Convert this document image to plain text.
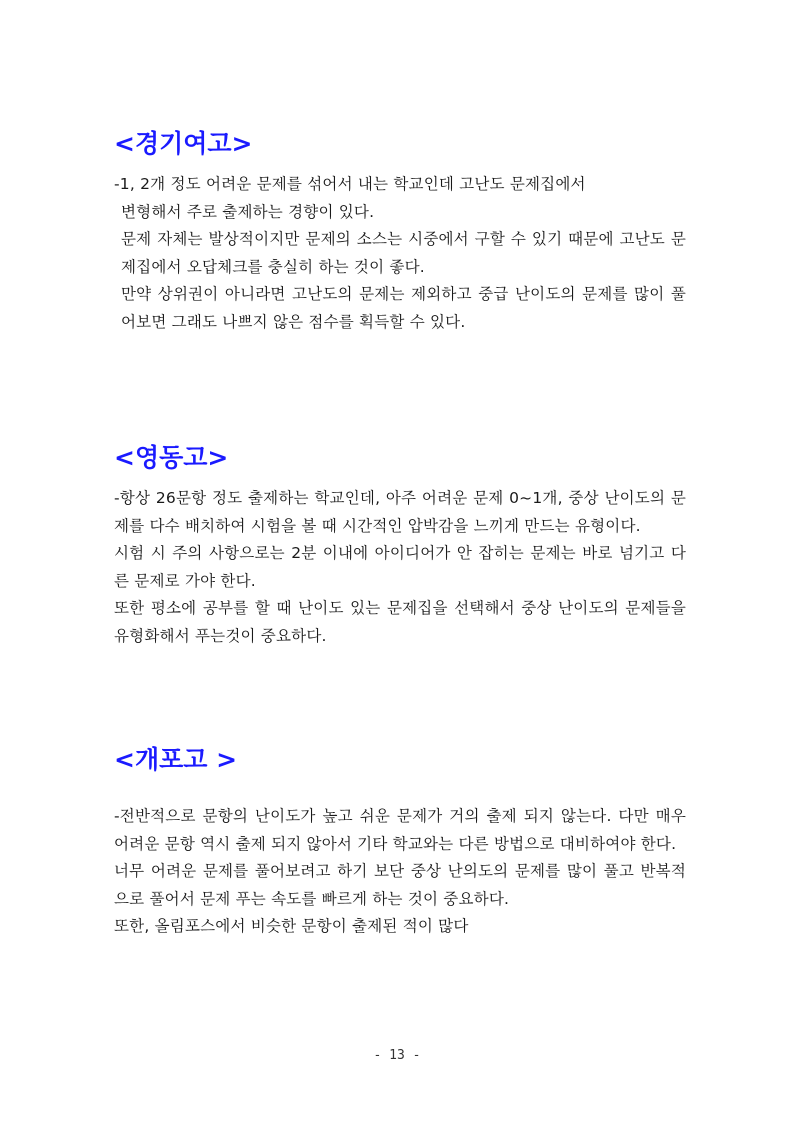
<경기여고>

-1, 2개 정도 어려운 문제를 섞어서 내는 학교인데 고난도 문제집에서

변형해서 주로 출제하는 경향이 있다.

문제 자체는 발상적이지만 문제의 소스는 시중에서 구할 수 있기 때문에 고난도 문제집에서 오답체크를 충실히 하는 것이 좋다.

만약 상위권이 아니라면 고난도의 문제는 제외하고 중급 난이도의 문제를 많이 풀어보면 그래도 나쁘지 않은 점수를 획득할 수 있다.

<영동고>

-항상 26문항 정도 출제하는 학교인데, 아주 어려운 문제 0~1개, 중상 난이도의 문제를 다수 배치하여 시험을 볼 때 시간적인 압박감을 느끼게 만드는 유형이다.

시험 시 주의 사항으로는 2분 이내에 아이디어가 안 잡히는 문제는 바로 넘기고 다른 문제로 가야 한다.

또한 평소에 공부를 할 때 난이도 있는 문제집을 선택해서 중상 난이도의 문제들을 유형화해서 푸는것이 중요하다.

<개포고 >

-전반적으로 문항의 난이도가 높고 쉬운 문제가 거의 출제 되지 않는다. 다만 매우 어려운 문항 역시 출제 되지 않아서 기타 학교와는 다른 방법으로 대비하여야 한다.

너무 어려운 문제를 풀어보려고 하기 보단 중상 난의도의 문제를 많이 풀고 반복적으로 풀어서 문제 푸는 속도를 빠르게 하는 것이 중요하다.

또한, 올림포스에서 비슷한 문항이 출제된 적이 많다

- 13 -
